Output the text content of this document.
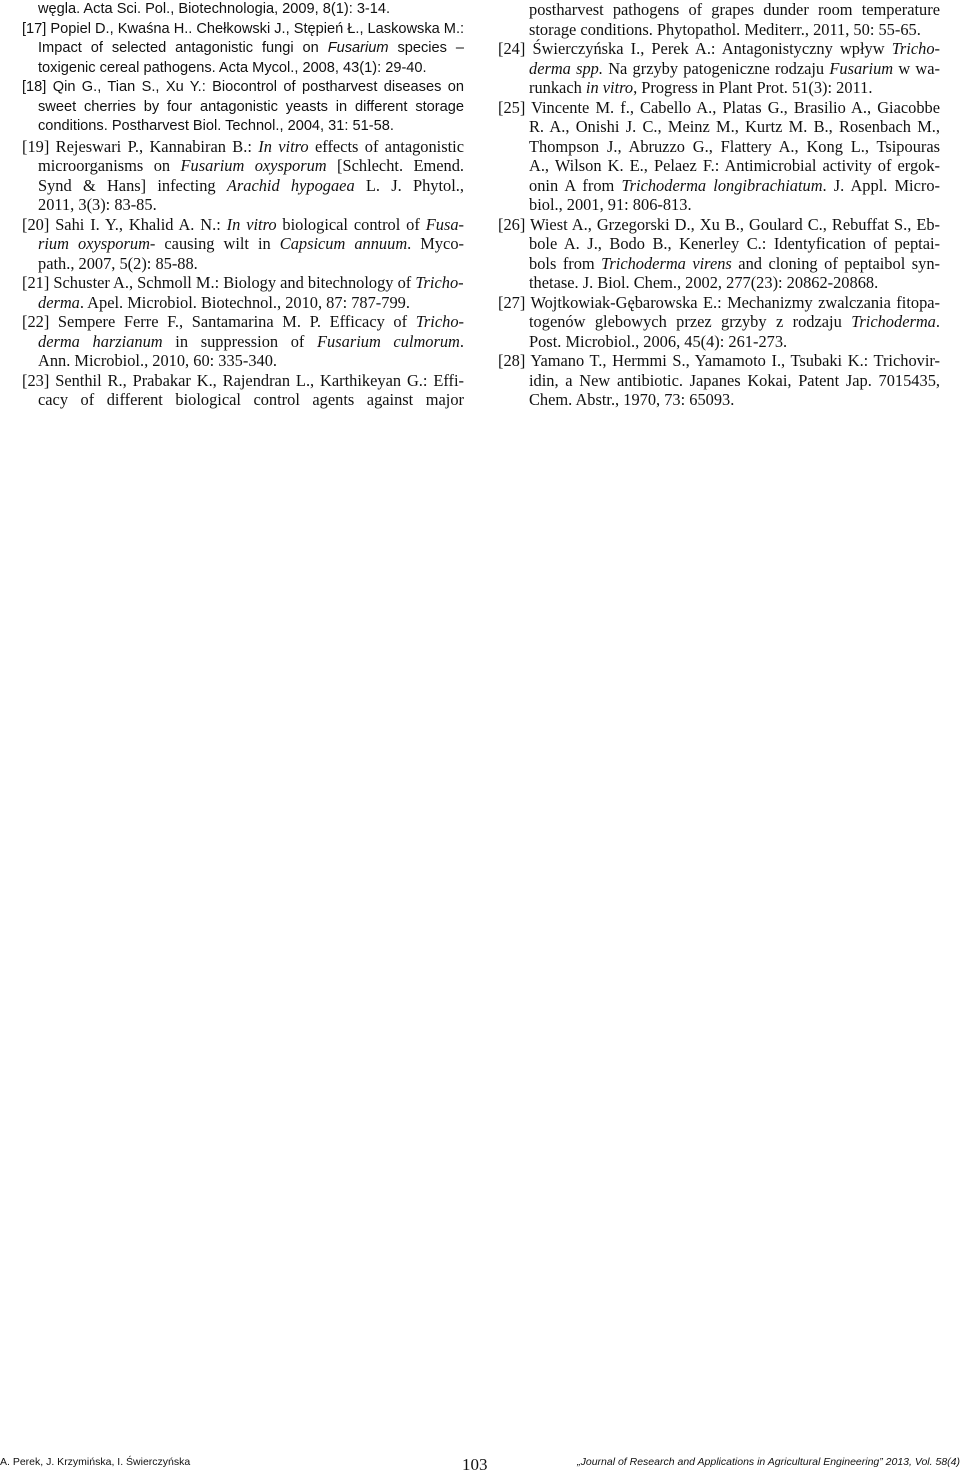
węgla. Acta Sci. Pol., Biotechnologia, 2009, 8(1): 3-14.
[17] Popiel D., Kwaśna H.. Chełkowski J., Stępień Ł., Laskowska M.:
Impact of selected antagonistic fungi on Fusarium species –
toxigenic cereal pathogens. Acta Mycol., 2008, 43(1): 29-40.
[18] Qin G., Tian S., Xu Y.: Biocontrol of postharvest diseases on
sweet cherries by four antagonistic yeasts in different storage
conditions. Postharvest Biol. Technol., 2004, 31: 51-58.
[19] Rejeswari P., Kannabiran B.: In vitro effects of antagonistic
microorganisms on Fusarium oxysporum [Schlecht. Emend.
Synd & Hans] infecting Arachid hypogaea L. J. Phytol.,
2011, 3(3): 83-85.
[20] Sahi I. Y., Khalid A. N.: In vitro biological control of Fusa-
rium oxysporum- causing wilt in Capsicum annuum. Myco-
path., 2007, 5(2): 85-88.
[21] Schuster A., Schmoll M.: Biology and bitechnology of Tricho-
derma. Apel. Microbiol. Biotechnol., 2010, 87: 787-799.
[22] Sempere Ferre F., Santamarina M. P. Efficacy of Tricho-
derma harzianum in suppression of Fusarium culmorum.
Ann. Microbiol., 2010, 60: 335-340.
[23] Senthil R., Prabakar K., Rajendran L., Karthikeyan G.: Effi-
cacy of different biological control agents against major
postharvest pathogens of grapes dunder room temperature
storage conditions. Phytopathol. Mediterr., 2011, 50: 55-65.
[24] Świerczyńska I., Perek A.: Antagonistyczny wpływ Tricho-
derma spp. Na grzyby patogeniczne rodzaju Fusarium w wa-
runkach in vitro, Progress in Plant Prot. 51(3): 2011.
[25] Vincente M. f., Cabello A., Platas G., Brasilio A., Giacobbe
R. A., Onishi J. C., Meinz M., Kurtz M. B., Rosenbach M.,
Thompson J., Abruzzo G., Flattery A., Kong L., Tsipouras
A., Wilson K. E., Pelaez F.: Antimicrobial activity of ergok-
onin A from Trichoderma longibrachiatum. J. Appl. Micro-
biol., 2001, 91: 806-813.
[26] Wiest A., Grzegorski D., Xu B., Goulard C., Rebuffat S., Eb-
bole A. J., Bodo B., Kenerley C.: Identyfication of peptai-
bols from Trichoderma virens and cloning of peptaibol syn-
thetase. J. Biol. Chem., 2002, 277(23): 20862-20868.
[27] Wojtkowiak-Gębarowska E.: Mechanizmy zwalczania fitopa-
togenów glebowych przez grzyby z rodzaju Trichoderma.
Post. Microbiol., 2006, 45(4): 261-273.
[28] Yamano T., Hermmi S., Yamamoto I., Tsubaki K.: Trichovir-
idin, a New antibiotic. Japanes Kokai, Patent Jap. 7015435,
Chem. Abstr., 1970, 73: 65093.
A. Perek, J. Krzymińska, I. Świerczyńska	103	„Journal of Research and Applications in Agricultural Engineering” 2013, Vol. 58(4)
